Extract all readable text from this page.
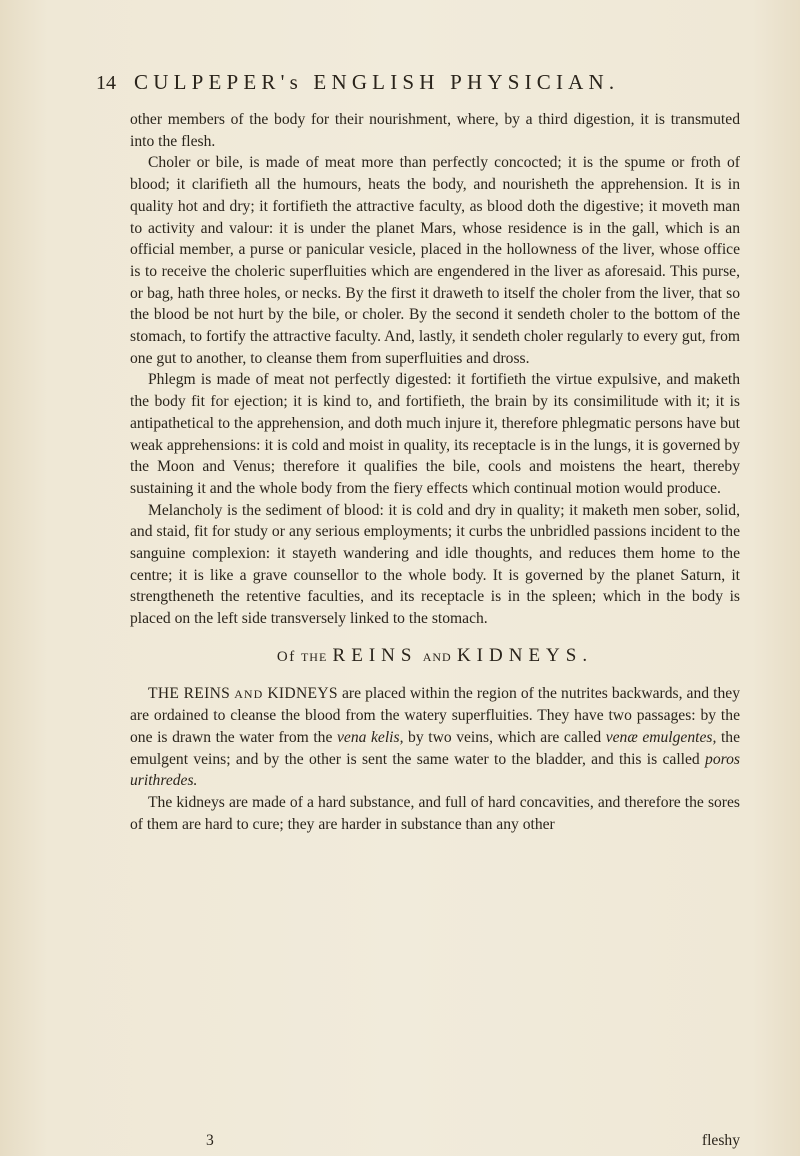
14 CULPEPER's ENGLISH PHYSICIAN.

other members of the body for their nourishment, where, by a third digestion, it is transmuted into the flesh.

Choler or bile, is made of meat more than perfectly concocted; it is the spume or froth of blood; it clarifieth all the humours, heats the body, and nourisheth the apprehension. It is in quality hot and dry; it fortifieth the attractive faculty, as blood doth the digestive; it moveth man to activity and valour: it is under the planet Mars, whose residence is in the gall, which is an official member, a purse or panicular vesicle, placed in the hollowness of the liver, whose office is to receive the choleric superfluities which are engendered in the liver as aforesaid. This purse, or bag, hath three holes, or necks. By the first it draweth to itself the choler from the liver, that so the blood be not hurt by the bile, or choler. By the second it sendeth choler to the bottom of the stomach, to fortify the attractive faculty. And, lastly, it sendeth choler regularly to every gut, from one gut to another, to cleanse them from superfluities and dross.

Phlegm is made of meat not perfectly digested: it fortifieth the virtue expulsive, and maketh the body fit for ejection; it is kind to, and fortifieth, the brain by its consimilitude with it; it is antipathetical to the apprehension, and doth much injure it, therefore phlegmatic persons have but weak apprehensions: it is cold and moist in quality, its receptacle is in the lungs, it is governed by the Moon and Venus; therefore it qualifies the bile, cools and moistens the heart, thereby sustaining it and the whole body from the fiery effects which continual motion would produce.

Melancholy is the sediment of blood: it is cold and dry in quality; it maketh men sober, solid, and staid, fit for study or any serious employments; it curbs the unbridled passions incident to the sanguine complexion: it stayeth wandering and idle thoughts, and reduces them home to the centre; it is like a grave counsellor to the whole body. It is governed by the planet Saturn, it strengtheneth the retentive faculties, and its receptacle is in the spleen; which in the body is placed on the left side transversely linked to the stomach.

Of THE REINS AND KIDNEYS.

THE REINS AND KIDNEYS are placed within the region of the nutrites backwards, and they are ordained to cleanse the blood from the watery superfluities. They have two passages: by the one is drawn the water from the vena kelis, by two veins, which are called venæ emulgentes, the emulgent veins; and by the other is sent the same water to the bladder, and this is called poros urithredes.

The kidneys are made of a hard substance, and full of hard concavities, and therefore the sores of them are hard to cure; they are harder in substance than any other

3	fleshy
